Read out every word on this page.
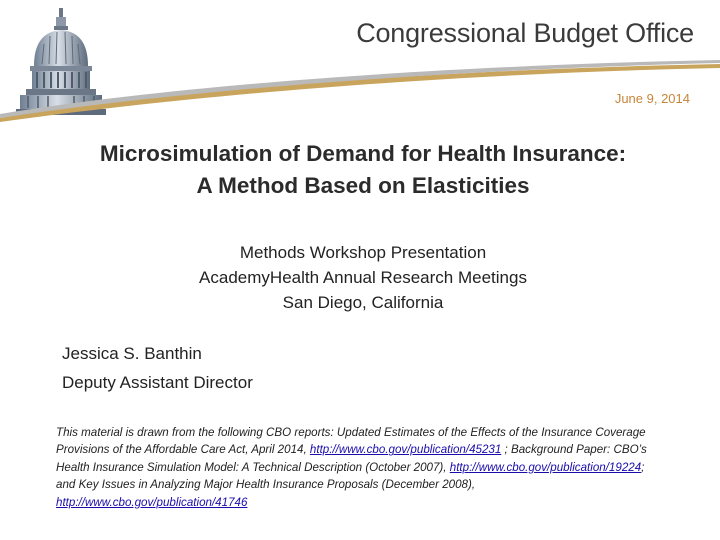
Congressional Budget Office
June 9, 2014
Microsimulation of Demand for Health Insurance:
A Method Based on Elasticities
Methods Workshop Presentation
AcademyHealth Annual Research Meetings
San Diego, California
Jessica S. Banthin
Deputy Assistant Director
This material is drawn from the following CBO reports: Updated Estimates of the Effects of the Insurance Coverage Provisions of the Affordable Care Act, April 2014, http://www.cbo.gov/publication/45231 ; Background Paper: CBO’s Health Insurance Simulation Model: A Technical Description (October 2007), http://www.cbo.gov/publication/19224; and Key Issues in Analyzing Major Health Insurance Proposals (December 2008), http://www.cbo.gov/publication/41746
